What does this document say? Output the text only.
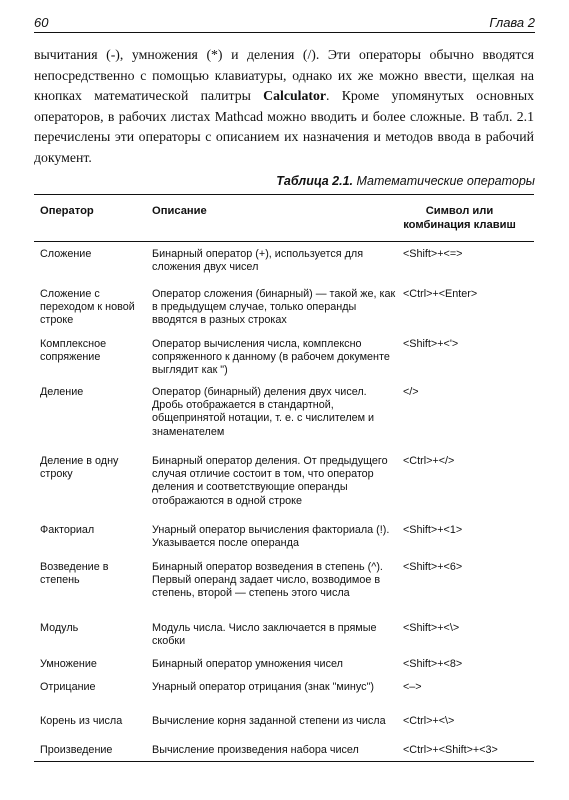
60	Глава 2

вычитания (-), умножения (*) и деления (/). Эти операторы обычно вводятся непосредственно с помощью клавиатуры, однако их же можно ввести, щелкая на кнопках математической палитры Calculator. Кроме упомянутых основных операторов, в рабочих листах Mathcad можно вводить и более сложные. В табл. 2.1 перечислены эти операторы с описанием их назначения и методов ввода в рабочий документ.

Таблица 2.1. Математические операторы
Оператор	Описание	Символ или комбинация клавиш

Сложение	Бинарный оператор (+), используется для сложения двух чисел	<Shift>+<=>

Сложение с переходом к новой строке	Оператор сложения (бинарный) — такой же, как в предыдущем случае, только операнды вводятся в разных строках	<Ctrl>+<Enter>

Комплексное сопряжение	Оператор вычисления числа, комплексно сопряженного к данному (в рабочем документе выглядит как ")	<Shift>+<'>

Деление	Оператор (бинарный) деления двух чисел. Дробь отображается в стандартной, общепринятой нотации, т. е. с числителем и знаменателем	</>

Деление в одну строку	Бинарный оператор деления. От предыдущего случая отличие состоит в том, что оператор деления и соответствующие операнды отображаются в одной строке	<Ctrl>+</>

Факториал	Унарный оператор вычисления факториала (!). Указывается после операнда	<Shift>+<1>

Возведение в степень	Бинарный оператор возведения в степень (^). Первый операнд задает число, возводимое в степень, второй — степень этого числа	<Shift>+<6>

Модуль	Модуль числа. Число заключается в прямые скобки	<Shift>+<\>

Умножение	Бинарный оператор умножения чисел	<Shift>+<8>

Отрицание	Унарный оператор отрицания (знак "минус")	<–>

Корень из числа	Вычисление корня заданной степени из числа	<Ctrl>+<\>

Произведение	Вычисление произведения набора чисел	<Ctrl>+<Shift>+<3>
